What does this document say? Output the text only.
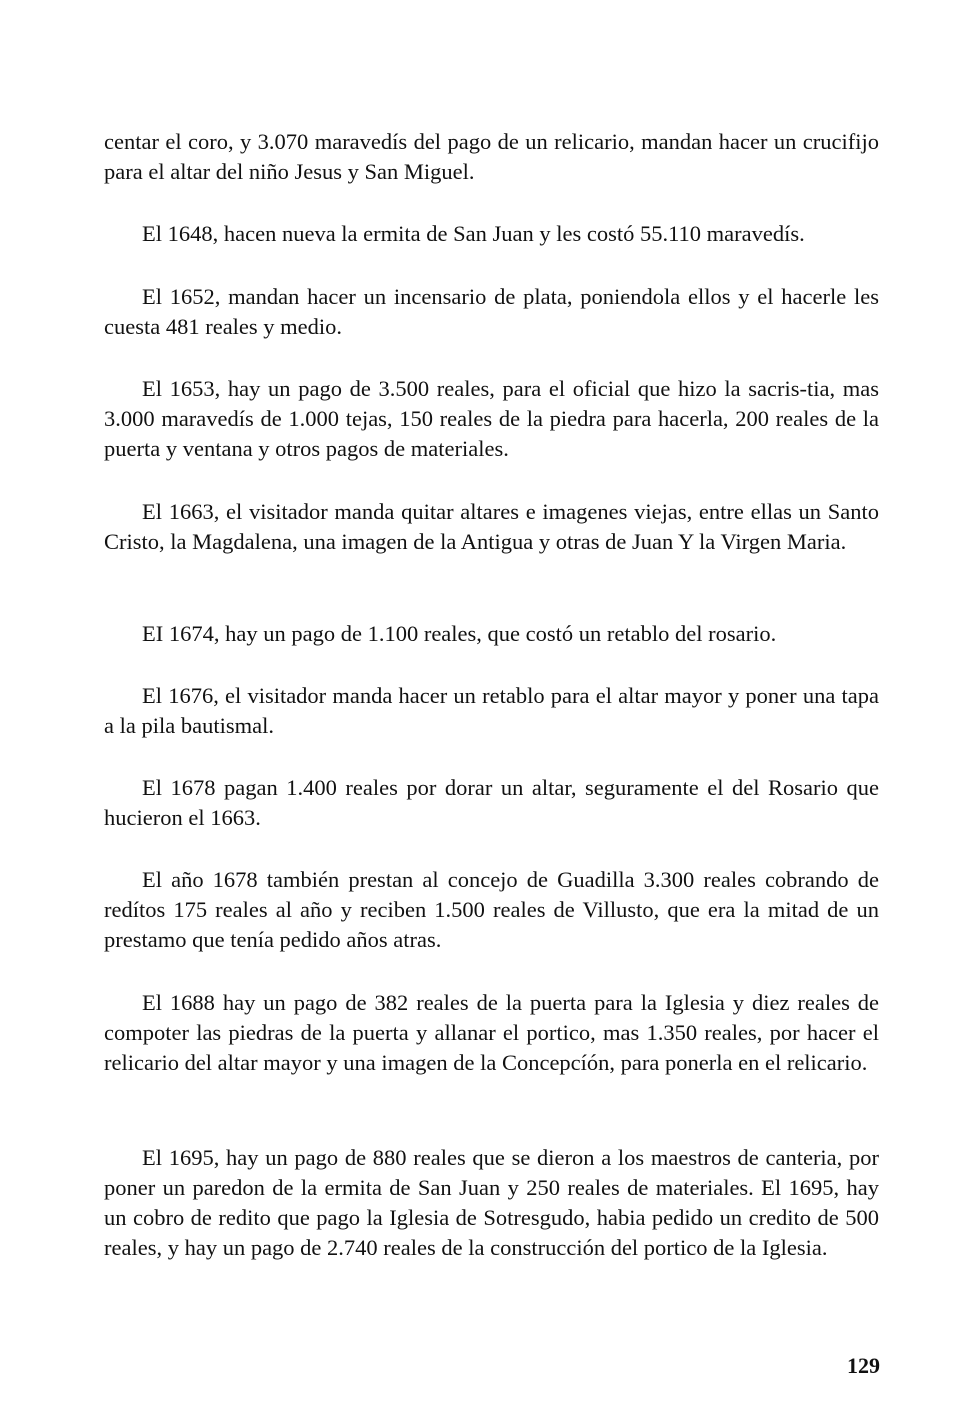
centar el coro, y 3.070 maravedís del pago de un relicario, mandan hacer un crucifijo para el altar del niño Jesus y San Miguel.

El 1648, hacen nueva la ermita de San Juan y les costó 55.110 maravedís.

El 1652, mandan hacer un incensario de plata, poniendola ellos y el hacerle les cuesta 481 reales y medio.

El 1653, hay un pago de 3.500 reales, para el oficial que hizo la sacris-tia, mas 3.000 maravedís de 1.000 tejas, 150 reales de la piedra para hacerla, 200 reales de la puerta y ventana y otros pagos de materiales.

El 1663, el visitador manda quitar altares e imagenes viejas, entre ellas un Santo Cristo, la Magdalena, una imagen de la Antigua y otras de Juan Y la Virgen Maria.

EI 1674, hay un pago de 1.100 reales, que costó un retablo del rosario.

El 1676, el visitador manda hacer un retablo para el altar mayor y poner una tapa a la pila bautismal.

El 1678 pagan 1.400 reales por dorar un altar, seguramente el del Rosario que hucieron el 1663.

El año 1678 también prestan al concejo de Guadilla 3.300 reales cobrando de redítos 175 reales al año y reciben 1.500 reales de Villusto, que era la mitad de un prestamo que tenía pedido años atras.

El 1688 hay un pago de 382 reales de la puerta para la Iglesia y diez reales de compoter las piedras de la puerta y allanar el portico, mas 1.350 reales, por hacer el relicario del altar mayor y una imagen de la Concepcíón, para ponerla en el relicario.

El 1695, hay un pago de 880 reales que se dieron a los maestros de canteria, por poner un paredon de la ermita de San Juan y 250 reales de materiales. El 1695, hay un cobro de redito que pago la Iglesia de Sotresgudo, habia pedido un credito de 500 reales, y hay un pago de 2.740 reales de la construcción del portico de la Iglesia.

129
